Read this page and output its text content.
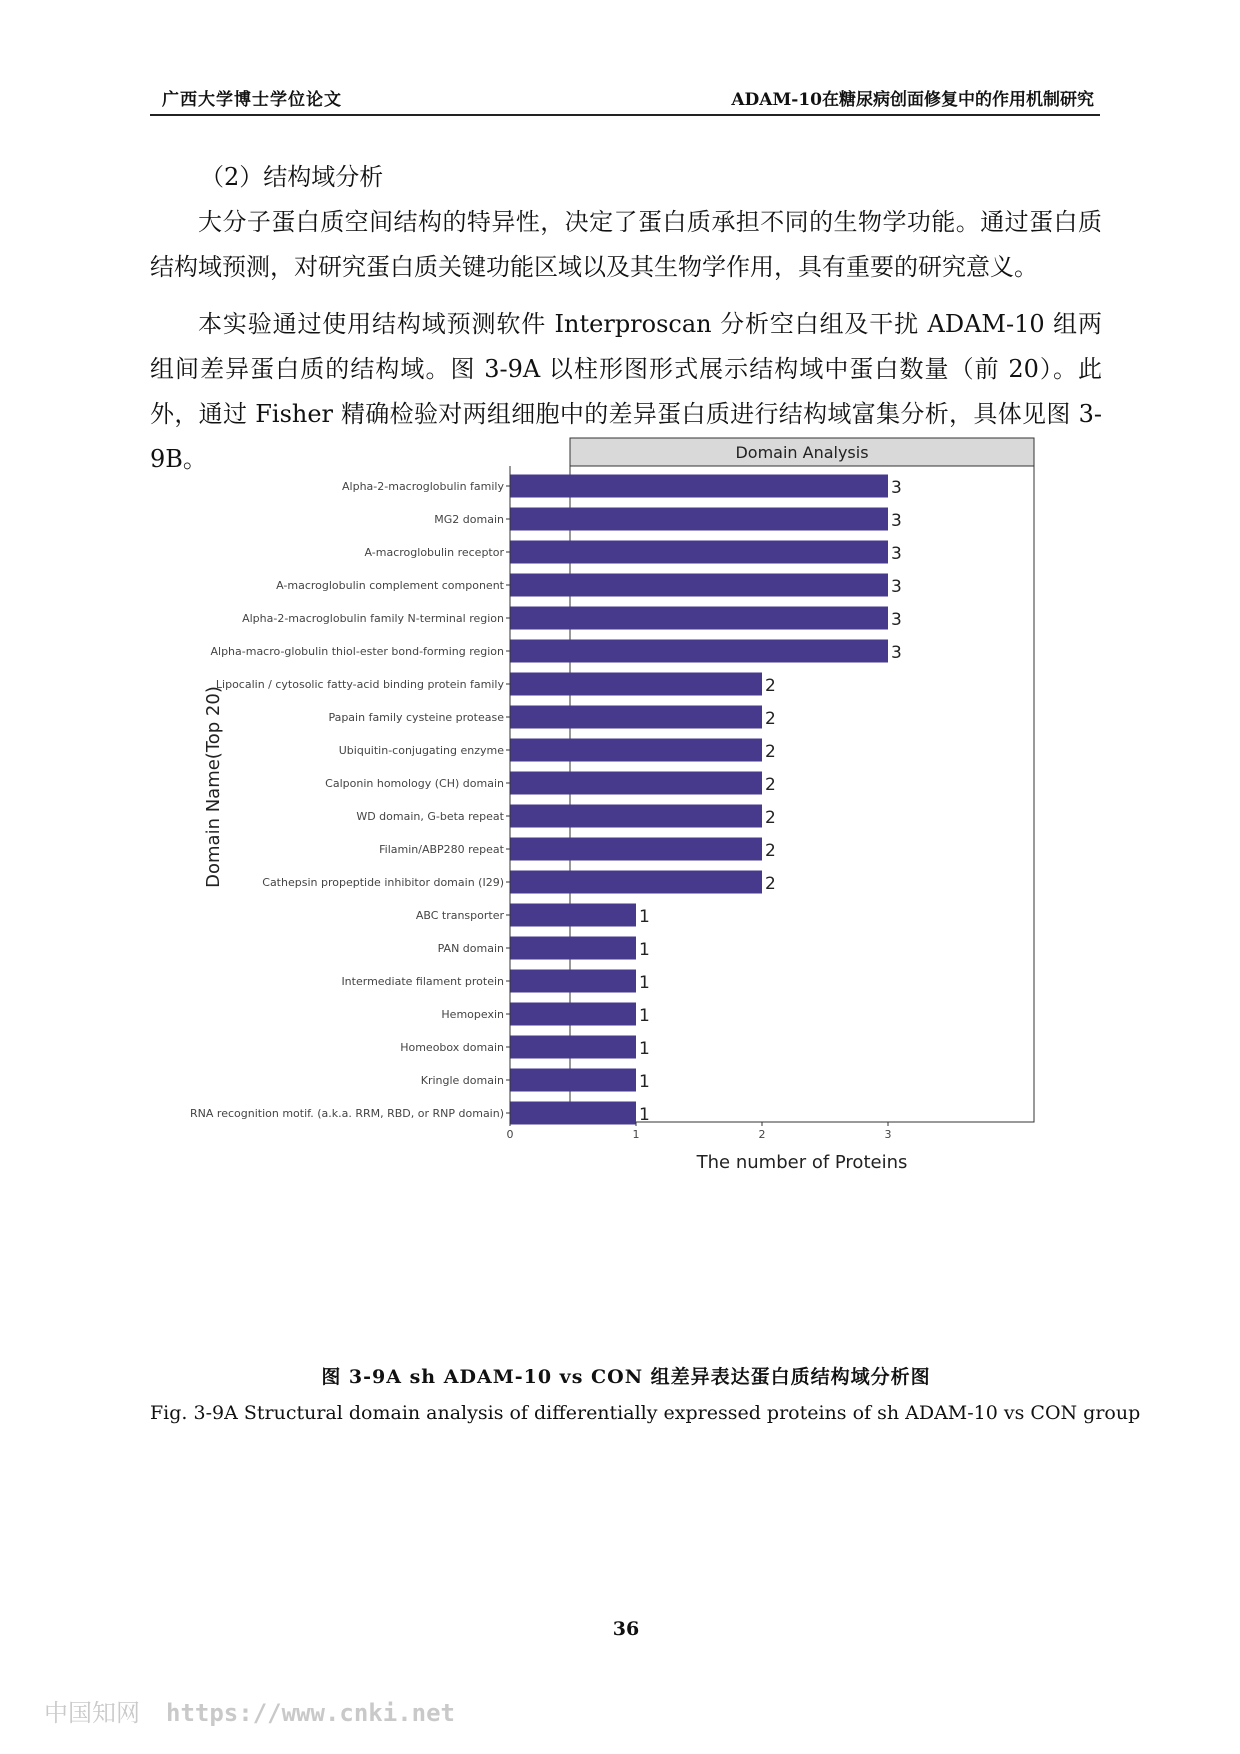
广西大学博士学位论文	ADAM-10在糖尿病创面修复中的作用机制研究
（2）结构域分析
大分子蛋白质空间结构的特异性，决定了蛋白质承担不同的生物学功能。通过蛋白质结构域预测，对研究蛋白质关键功能区域以及其生物学作用，具有重要的研究意义。
本实验通过使用结构域预测软件 Interproscan 分析空白组及干扰 ADAM-10 组两组间差异蛋白质的结构域。图 3-9A 以柱形图形式展示结构域中蛋白数量（前 20）。此外，通过 Fisher 精确检验对两组细胞中的差异蛋白质进行结构域富集分析，具体见图 3-9B。	Domain Analysis
Alpha-2-macroglobulin family	3
MG2 domain	3
A-macroglobulin receptor	3
A-macroglobulin complement component	3
Alpha-2-macroglobulin family N-terminal region	3
Alpha-macro-globulin thiol-ester bond-forming region	3
Lipocalin / cytosolic fatty-acid binding protein family	2
Papain family cysteine protease	2
Ubiquitin-conjugating enzyme	2
Calponin homology (CH) domain	2
WD domain, G-beta repeat	2
Filamin/ABP280 repeat	2
Cathepsin propeptide inhibitor domain (I29)	2
ABC transporter	1
PAN domain	1
Intermediate filament protein	1
Hemopexin	1
Homeobox domain	1
Kringle domain	1
RNA recognition motif. (a.k.a. RRM, RBD, or RNP domain)	1
0	1	2	3
The number of Proteins
Domain Name(Top 20)
图 3-9A sh ADAM-10 vs CON 组差异表达蛋白质结构域分析图
Fig. 3-9A Structural domain analysis of differentially expressed proteins of sh ADAM-10 vs CON group
36
中国知网 https://www.cnki.net
